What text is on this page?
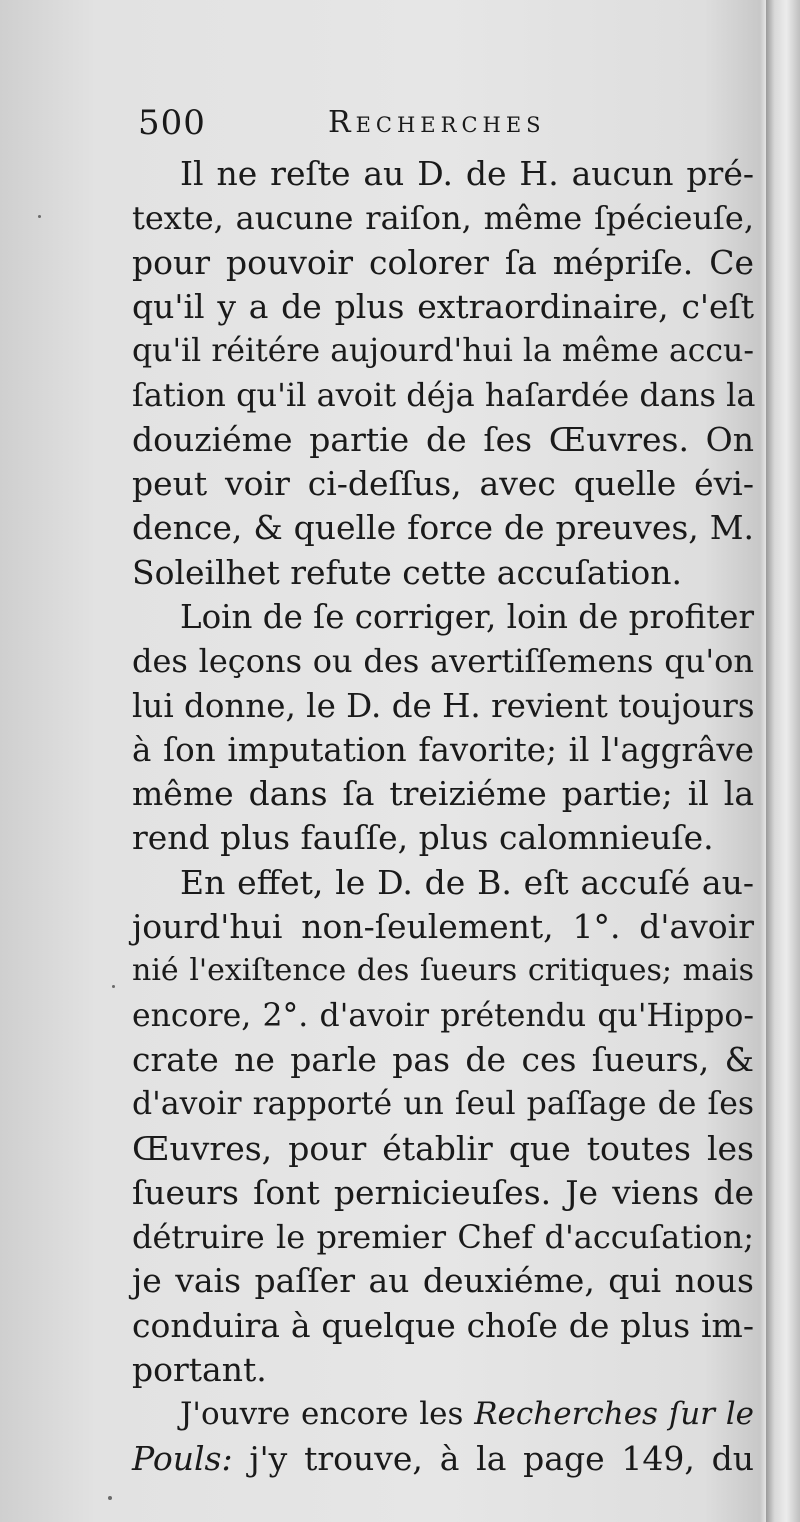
500	Recherches

Il ne reſte au D. de H. aucun pré-
texte, aucune raiſon, même ſpécieuſe,
pour pouvoir colorer ſa mépriſe. Ce
qu'il y a de plus extraordinaire, c'eſt
qu'il réitére aujourd'hui la même accu-
ſation qu'il avoit déja haſardée dans la
douziéme partie de ſes Œuvres. On
peut voir ci-deſſus, avec quelle évi-
dence, & quelle force de preuves, M.
Soleilhet refute cette accuſation.

Loin de ſe corriger, loin de profiter
des leçons ou des avertiſſemens qu'on
lui donne, le D. de H. revient toujours
à ſon imputation favorite; il l'aggrâve
même dans ſa treiziéme partie; il la
rend plus fauſſe, plus calomnieuſe.

En effet, le D. de B. eſt accuſé au-
jourd'hui non-ſeulement, 1°. d'avoir
nié l'exiſtence des ſueurs critiques; mais
encore, 2°. d'avoir prétendu qu'Hippo-
crate ne parle pas de ces ſueurs, &
d'avoir rapporté un ſeul paſſage de ſes
Œuvres, pour établir que toutes les
ſueurs ſont pernicieuſes. Je viens de
détruire le premier Chef d'accuſation;
je vais paſſer au deuxiéme, qui nous
conduira à quelque choſe de plus im-
portant.

J'ouvre encore les Recherches ſur le
Pouls: j'y trouve, à la page 149, du
